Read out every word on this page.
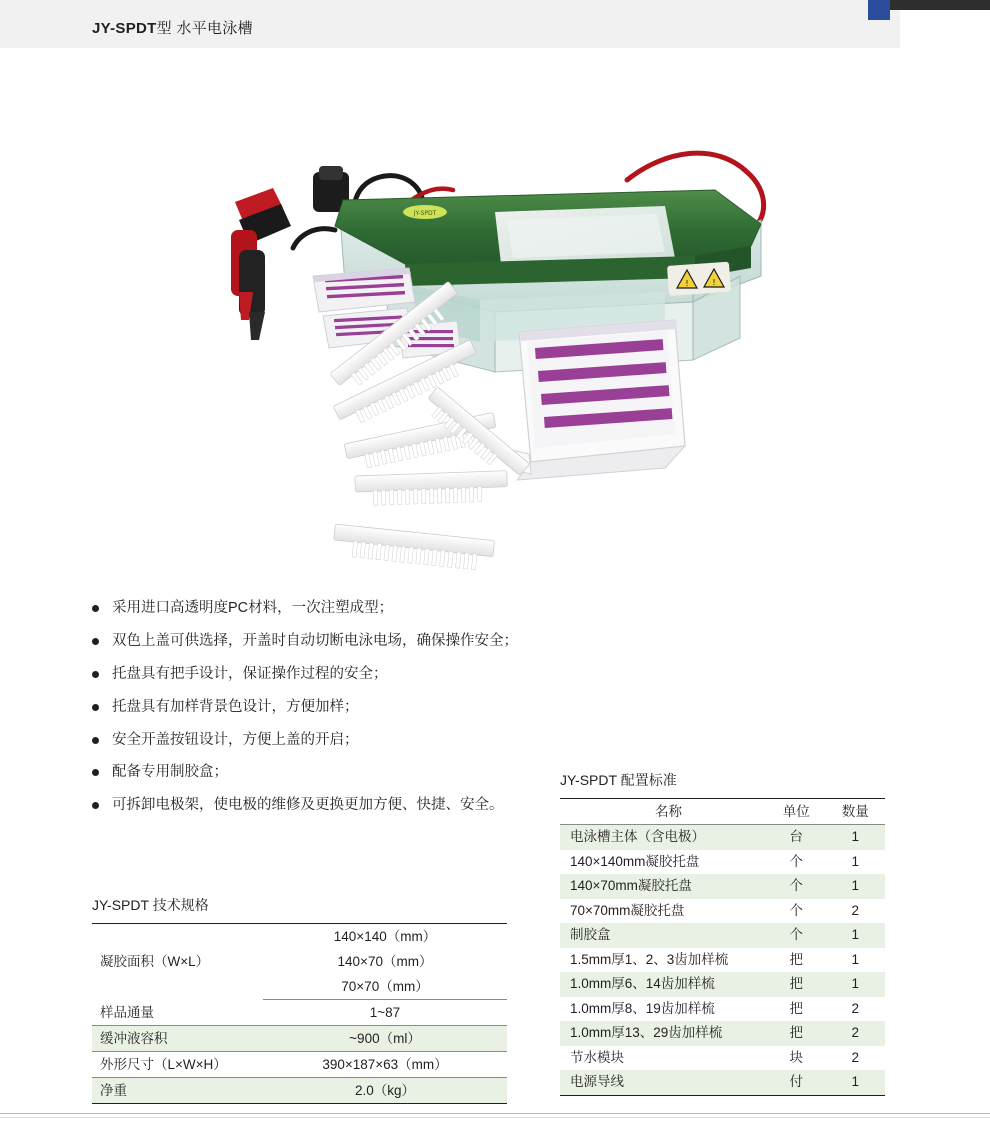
JY-SPDT型 水平电泳槽
JY-SPDT
!	!
采用进口高透明度PC材料，一次注塑成型；
双色上盖可供选择，开盖时自动切断电泳电场，确保操作安全；
托盘具有把手设计，保证操作过程的安全；
托盘具有加样背景色设计，方便加样；
安全开盖按钮设计，方便上盖的开启；
配备专用制胶盒；
可拆卸电极架，使电极的维修及更换更加方便、快捷、安全。
JY-SPDT 技术规格
凝胶面积（W×L）	140×140（mm）
	140×70（mm）
	70×70（mm）
样品通量	1~87
缓冲液容积	~900（ml）
外形尺寸（L×W×H）	390×187×63（mm）
净重	2.0（kg）
JY-SPDT 配置标准
名称	单位	数量
电泳槽主体（含电极）	台	1
140×140mm凝胶托盘	个	1
140×70mm凝胶托盘	个	1
70×70mm凝胶托盘	个	2
制胶盒	个	1
1.5mm厚1、2、3齿加样梳	把	1
1.0mm厚6、14齿加样梳	把	1
1.0mm厚8、19齿加样梳	把	2
1.0mm厚13、29齿加样梳	把	2
节水模块	块	2
电源导线	付	1
